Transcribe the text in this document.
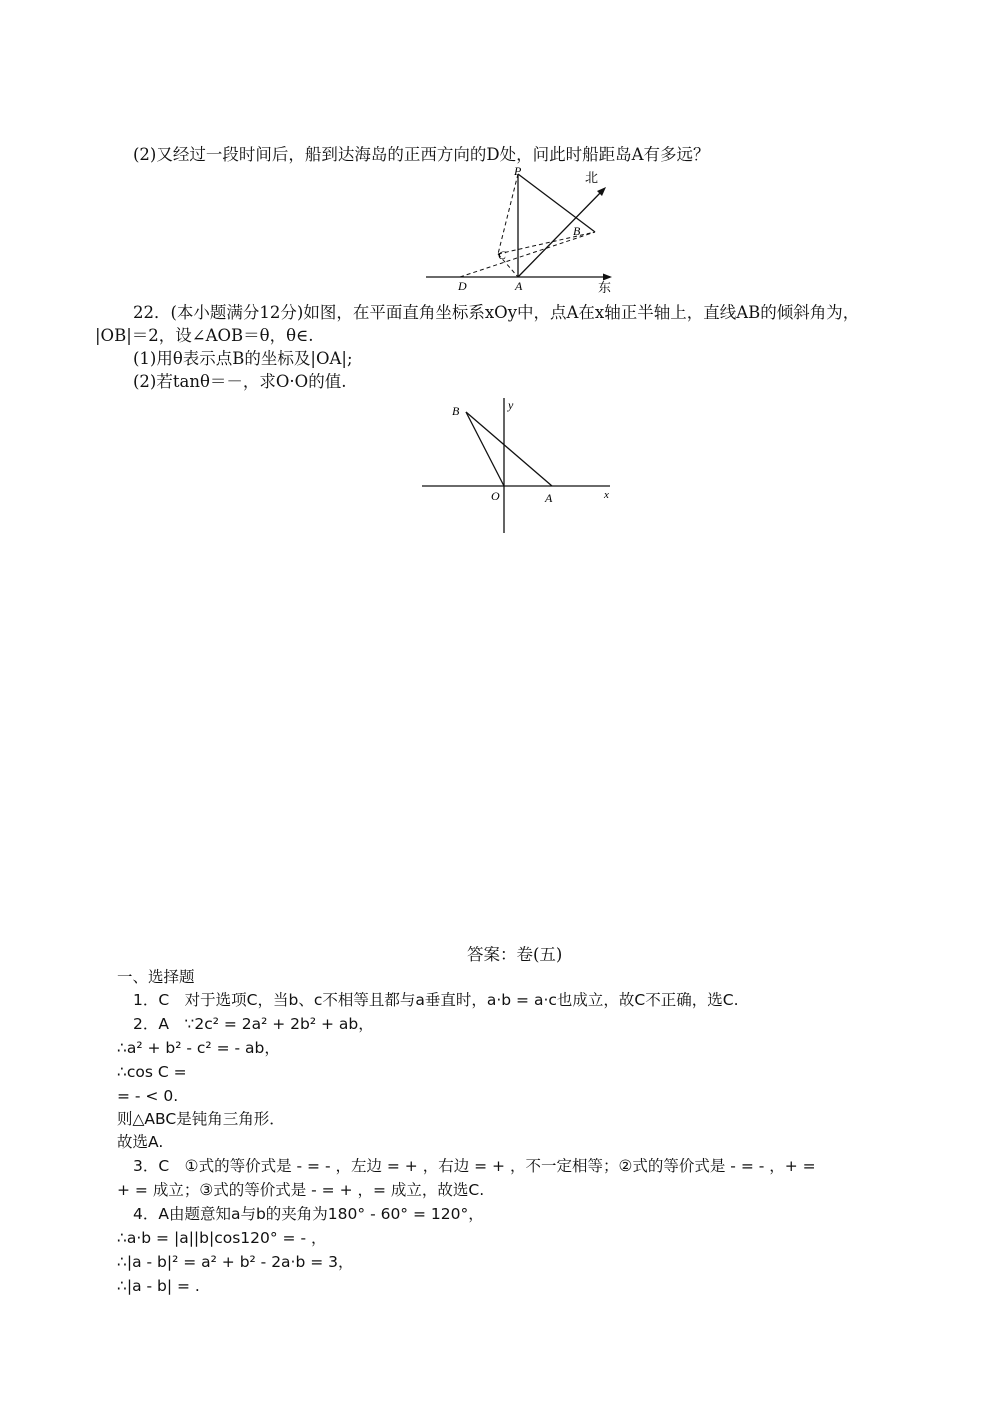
(2)又经过一段时间后，船到达海岛的正西方向的D处，问此时船距岛A有多远？
P
C
B
D	A
北
东
22．(本小题满分12分)如图，在平面直角坐标系xOy中，点A在x轴正半轴上，直线AB的倾斜角为，
|OB|＝2，设∠AOB＝θ，θ∈.
(1)用θ表示点B的坐标及|OA|;
(2)若tanθ＝－，求O·O的值.
B	y
O	A	x
答案：卷(五)
一、选择题
1．C　对于选项C，当b、c不相等且都与a垂直时，a·b = a·c也成立，故C不正确，选C.
2．A　∵2c² = 2a² + 2b² + ab，
∴a² + b² - c² = - ab，
∴cos C =
= - < 0.
则△ABC是钝角三角形．
故选A.
3．C　①式的等价式是 - = - ，左边 = + ，右边 = + ，不一定相等；②式的等价式是 - = - ，+ =
+ = 成立；③式的等价式是 - = + ，= 成立，故选C.
4．A由题意知a与b的夹角为180° - 60° = 120°，
∴a·b = |a||b|cos120° = - ，
∴|a - b|² = a² + b² - 2a·b = 3，
∴|a - b| = .
